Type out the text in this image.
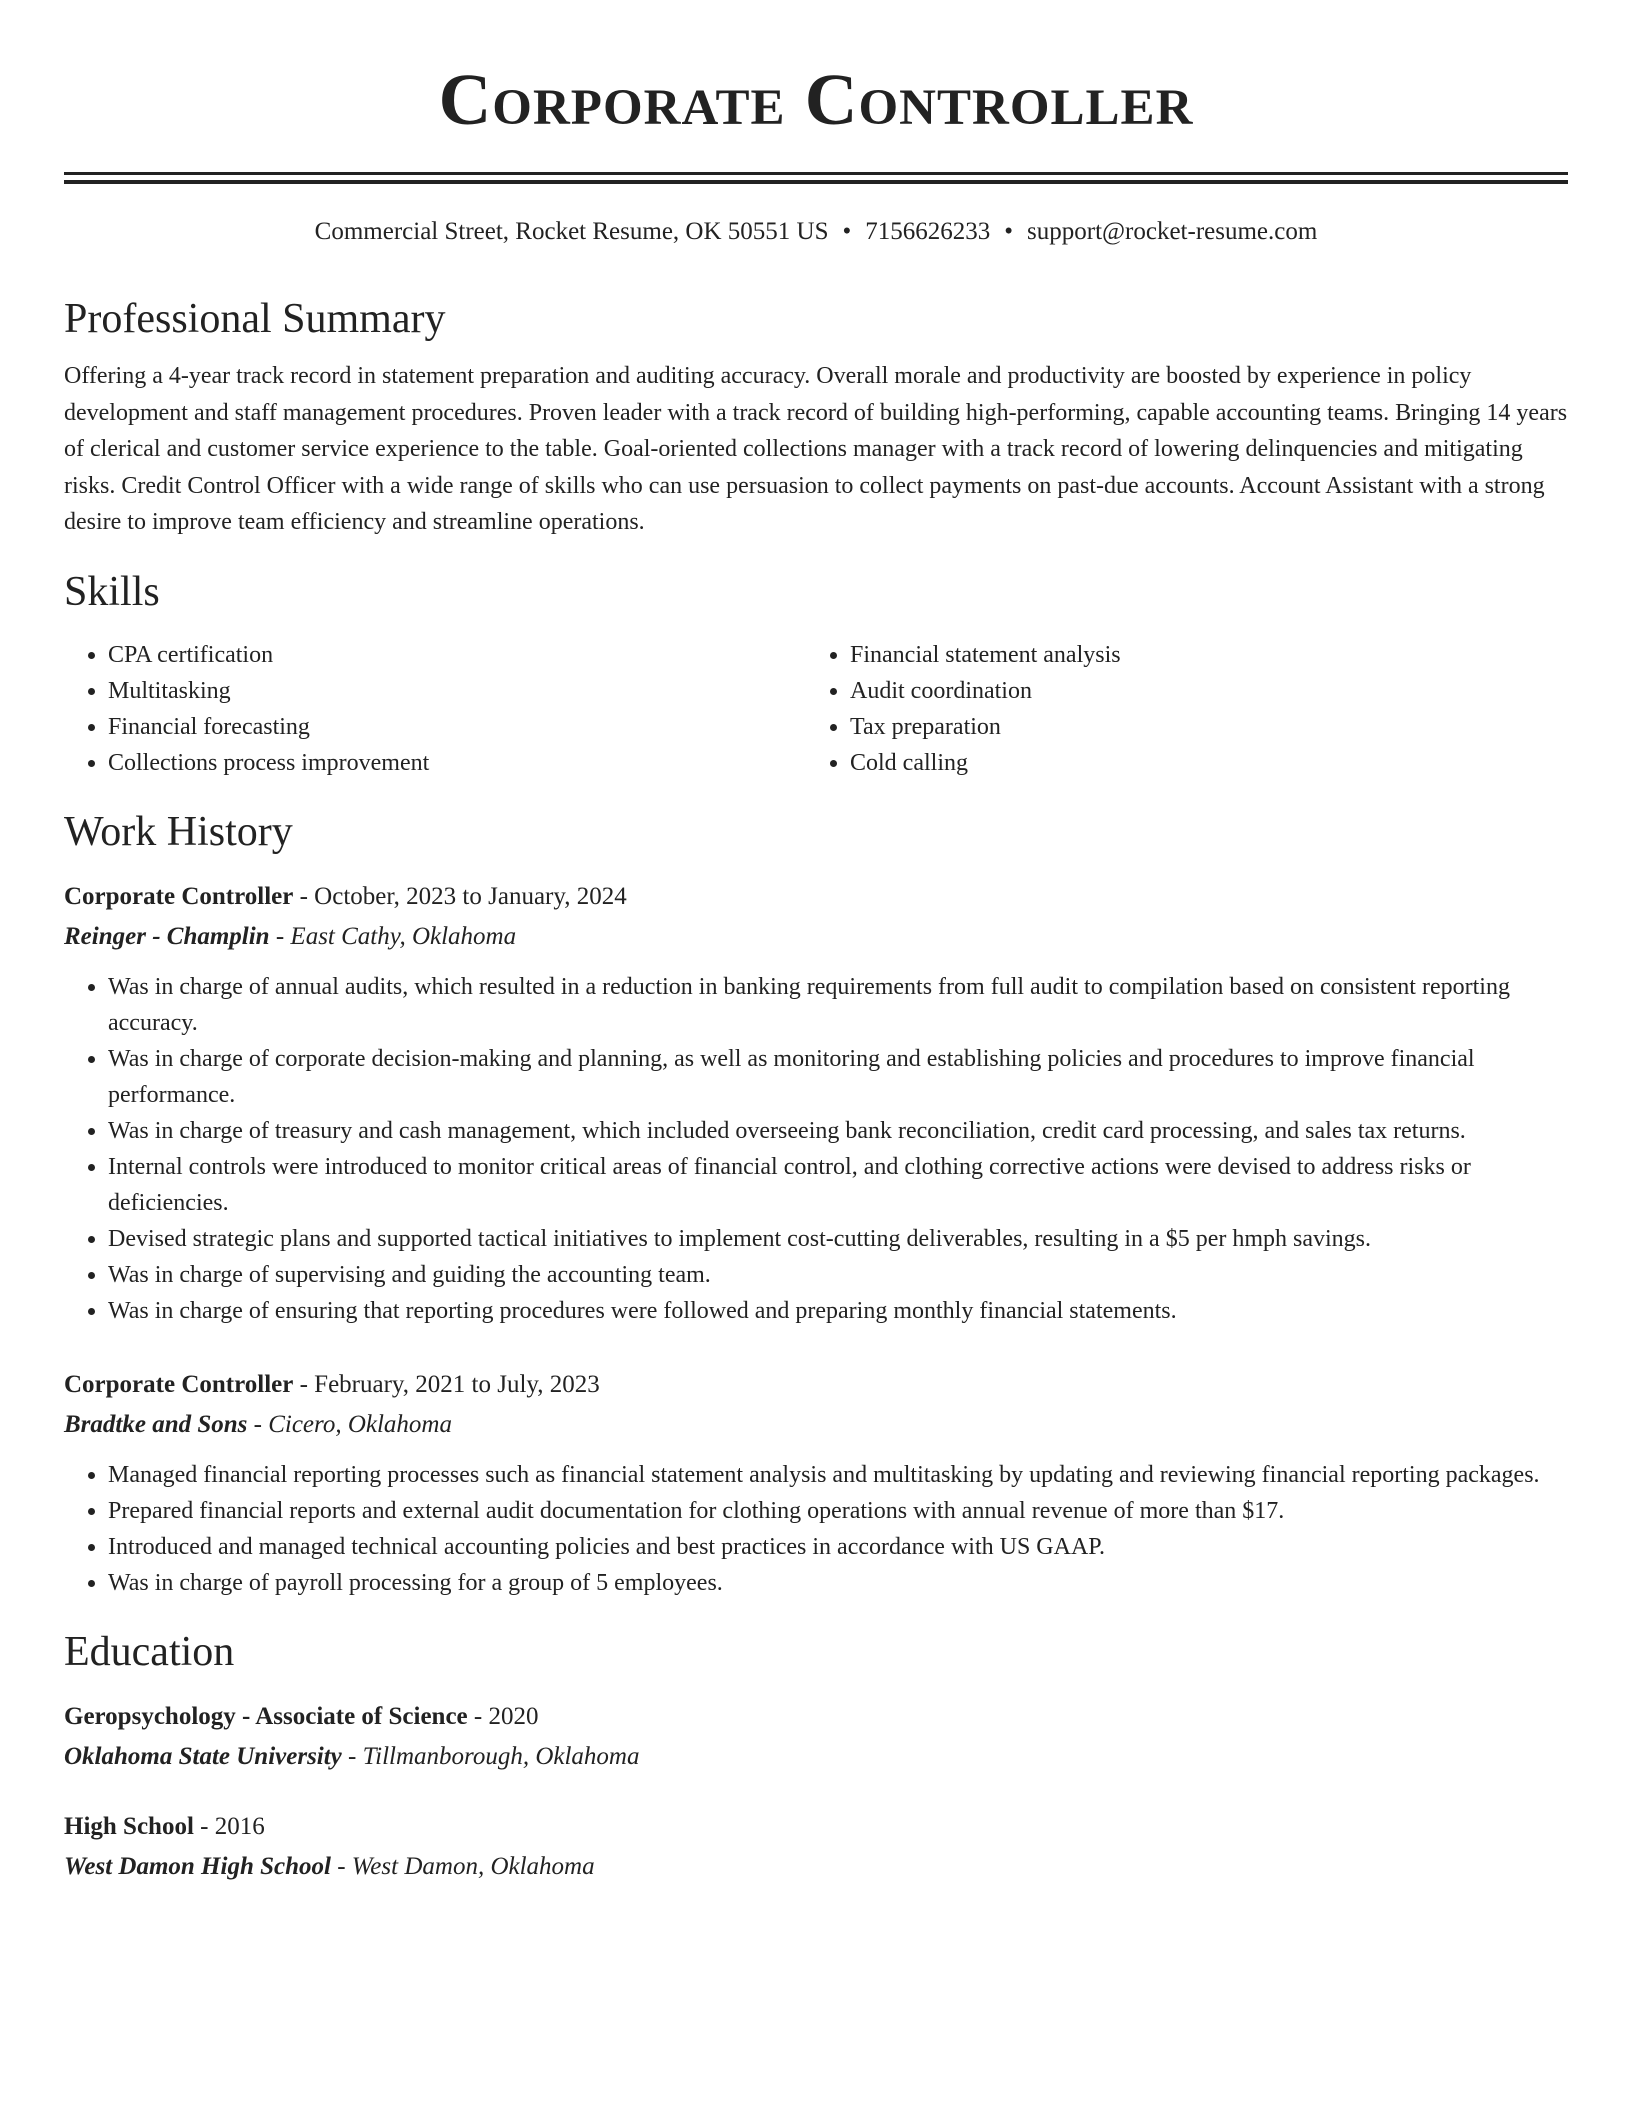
Corporate Controller
Commercial Street, Rocket Resume, OK 50551 US • 7156626233 • support@rocket-resume.com
Professional Summary

Offering a 4-year track record in statement preparation and auditing accuracy. Overall morale and productivity are boosted by experience in policy development and staff management procedures. Proven leader with a track record of building high-performing, capable accounting teams. Bringing 14 years of clerical and customer service experience to the table. Goal-oriented collections manager with a track record of lowering delinquencies and mitigating risks. Credit Control Officer with a wide range of skills who can use persuasion to collect payments on past-due accounts. Account Assistant with a strong desire to improve team efficiency and streamline operations.

Skills
• CPA certification
• Multitasking
• Financial forecasting
• Collections process improvement
• Financial statement analysis
• Audit coordination
• Tax preparation
• Cold calling
Work History
Corporate Controller - October, 2023 to January, 2024
Reinger - Champlin - East Cathy, Oklahoma
• Was in charge of annual audits, which resulted in a reduction in banking requirements from full audit to compilation based on consistent reporting accuracy.
• Was in charge of corporate decision-making and planning, as well as monitoring and establishing policies and procedures to improve financial performance.
• Was in charge of treasury and cash management, which included overseeing bank reconciliation, credit card processing, and sales tax returns.
• Internal controls were introduced to monitor critical areas of financial control, and clothing corrective actions were devised to address risks or deficiencies.
• Devised strategic plans and supported tactical initiatives to implement cost-cutting deliverables, resulting in a $5 per hmph savings.
• Was in charge of supervising and guiding the accounting team.
• Was in charge of ensuring that reporting procedures were followed and preparing monthly financial statements.
Corporate Controller - February, 2021 to July, 2023
Bradtke and Sons - Cicero, Oklahoma
• Managed financial reporting processes such as financial statement analysis and multitasking by updating and reviewing financial reporting packages.
• Prepared financial reports and external audit documentation for clothing operations with annual revenue of more than $17.
• Introduced and managed technical accounting policies and best practices in accordance with US GAAP.
• Was in charge of payroll processing for a group of 5 employees.
Education
Geropsychology - Associate of Science - 2020
Oklahoma State University - Tillmanborough, Oklahoma
High School - 2016
West Damon High School - West Damon, Oklahoma
